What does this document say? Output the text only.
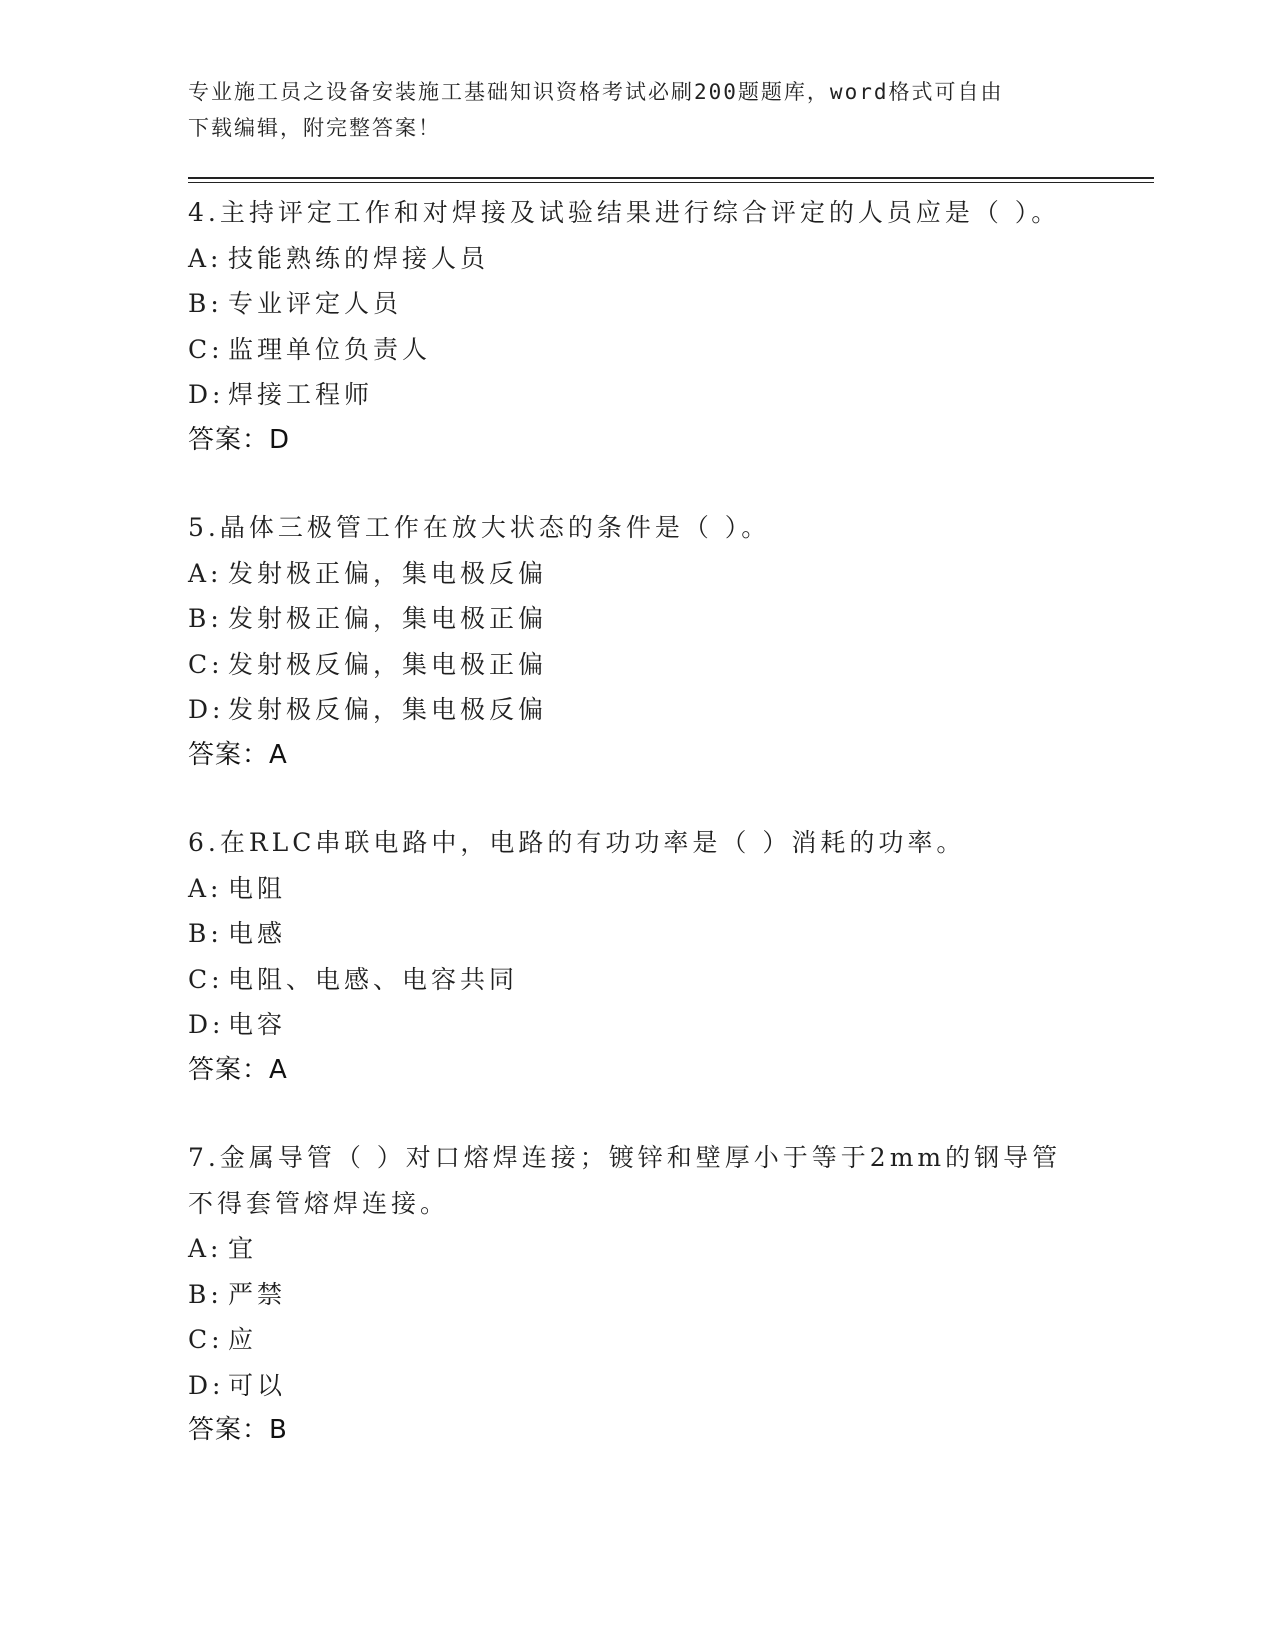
专业施工员之设备安装施工基础知识资格考试必刷200题题库，word格式可自由
下载编辑，附完整答案！
4.主持评定工作和对焊接及试验结果进行综合评定的人员应是（ ）。
A: 技能熟练的焊接人员
B: 专业评定人员
C: 监理单位负责人
D: 焊接工程师
答案：D
5.晶体三极管工作在放大状态的条件是（ ）。
A: 发射极正偏，集电极反偏
B: 发射极正偏，集电极正偏
C: 发射极反偏，集电极正偏
D: 发射极反偏，集电极反偏
答案：A
6.在RLC串联电路中，电路的有功功率是（ ）消耗的功率。
A: 电阻
B: 电感
C: 电阻、电感、电容共同
D: 电容
答案：A
7.金属导管（ ）对口熔焊连接；镀锌和壁厚小于等于2mm的钢导管不得套管熔焊连接。
A: 宜
B: 严禁
C: 应
D: 可以
答案：B
